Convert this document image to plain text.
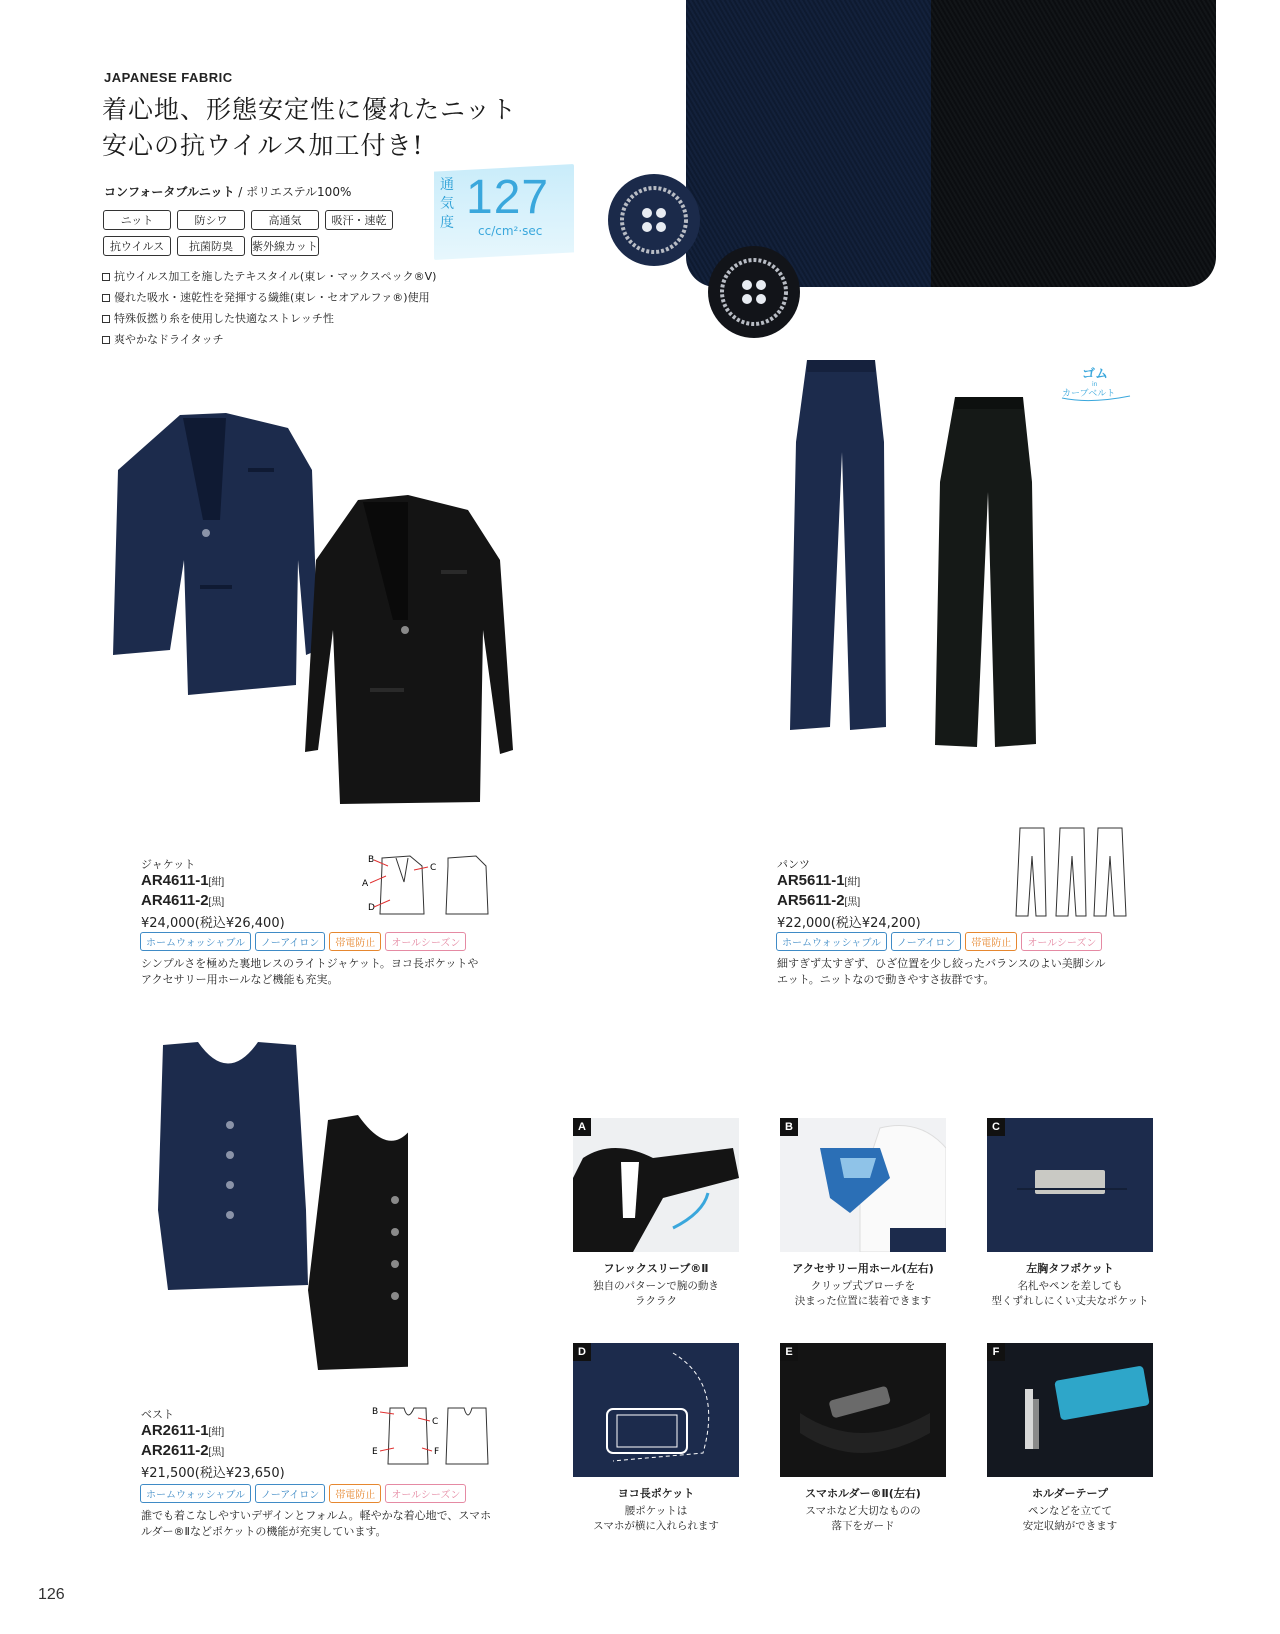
JAPANESE FABRIC
着心地、形態安定性に優れたニット
安心の抗ウイルス加工付き!
コンフォータブルニット / ポリエステル100%
ニット	防シワ	高通気	吸汗・速乾
抗ウイルス	抗菌防臭	紫外線カット
抗ウイルス加工を施したテキスタイル(東レ・マックスペック®V)
優れた吸水・速乾性を発揮する繊維(東レ・セオアルファ®)使用
特殊仮撚り糸を使用した快適なストレッチ性
爽やかなドライタッチ
通気度 127
cc/cm²·sec
ゴム
in
カーブベルト
ジャケット
AR4611-1[紺]
AR4611-2[黒]
¥24,000(税込¥26,400)
B
A
D
C
ホームウォッシャブル	ノーアイロン	帯電防止	オールシーズン
シンプルさを極めた裏地レスのライトジャケット。ヨコ長ポケットや
アクセサリー用ホールなど機能も充実。
パンツ
AR5611-1[紺]
AR5611-2[黒]
¥22,000(税込¥24,200)
ホームウォッシャブル	ノーアイロン	帯電防止	オールシーズン
細すぎず太すぎず、ひざ位置を少し絞ったバランスのよい美脚シル
エット。ニットなので動きやすさ抜群です。
ベスト
AR2611-1[紺]
AR2611-2[黒]
¥21,500(税込¥23,650)
B
E
C
F
ホームウォッシャブル	ノーアイロン	帯電防止	オールシーズン
誰でも着こなしやすいデザインとフォルム。軽やかな着心地で、スマホ
ルダー®Ⅱなどポケットの機能が充実しています。
A
フレックスリーブ®Ⅱ
独自のパターンで腕の動き
ラクラク
B
アクセサリー用ホール(左右)
クリップ式ブローチを
決まった位置に装着できます
C
左胸タフポケット
名札やペンを差しても
型くずれしにくい丈夫なポケット
D
ヨコ長ポケット
腰ポケットは
スマホが横に入れられます
E
スマホルダー®Ⅱ(左右)
スマホなど大切なものの
落下をガード
F
ホルダーテープ
ペンなどを立てて
安定収納ができます
126
